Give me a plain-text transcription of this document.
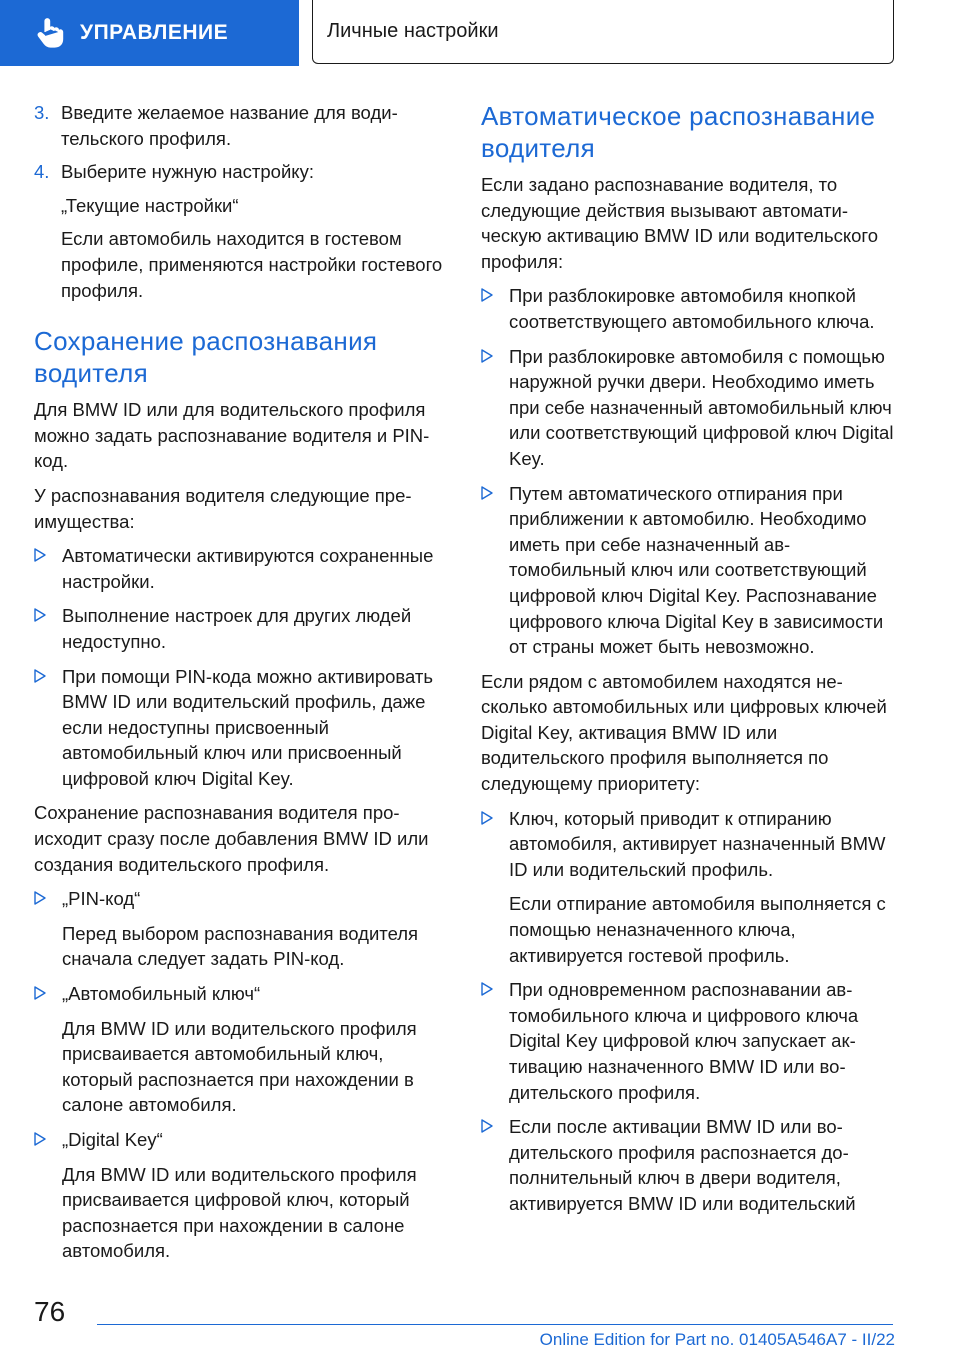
УПРАВЛЕНИЕ	Личные настройки
3. Введите желаемое название для водительского профиля.
4. Выберите нужную настройку:
„Текущие настройки“
Если автомобиль находится в гостевом профиле, применяются настройки гостевого профиля.
Сохранение распознавания водителя

Для BMW ID или для водительского профиля можно задать распознавание водителя и PIN-код.

У распознавания водителя следующие преимущества:

Автоматически активируются сохраненные настройки.
Выполнение настроек для других людей недоступно.
При помощи PIN-кода можно активировать BMW ID или водительский профиль, даже если недоступны присвоенный автомобильный ключ или присвоенный цифровой ключ Digital Key.

Сохранение распознавания водителя происходит сразу после добавления BMW ID или создания водительского профиля.

„PIN-код“
Перед выбором распознавания водителя сначала следует задать PIN-код.
„Автомобильный ключ“
Для BMW ID или водительского профиля присваивается автомобильный ключ, который распознается при нахождении в салоне автомобиля.
„Digital Key“
Для BMW ID или водительского профиля присваивается цифровой ключ, который распознается при нахождении в салоне автомобиля.
Автоматическое распознавание водителя

Если задано распознавание водителя, то следующие действия вызывают автоматическую активацию BMW ID или водительского профиля:

При разблокировке автомобиля кнопкой соответствующего автомобильного ключа.
При разблокировке автомобиля с помощью наружной ручки двери. Необходимо иметь при себе назначенный автомобильный ключ или соответствующий цифровой ключ Digital Key.
Путем автоматического отпирания при приближении к автомобилю. Необходимо иметь при себе назначенный автомобильный ключ или соответствующий цифровой ключ Digital Key. Распознавание цифрового ключа Digital Key в зависимости от страны может быть невозможно.

Если рядом с автомобилем находятся несколько автомобильных или цифровых ключей Digital Key, активация BMW ID или водительского профиля выполняется по следующему приоритету:

Ключ, который приводит к отпиранию автомобиля, активирует назначенный BMW ID или водительский профиль.
Если отпирание автомобиля выполняется с помощью неназначенного ключа, активируется гостевой профиль.
При одновременном распознавании автомобильного ключа и цифрового ключа Digital Key цифровой ключ запускает активацию назначенного BMW ID или водительского профиля.
Если после активации BMW ID или водительского профиля распознается дополнительный ключ в двери водителя, активируется BMW ID или водительский
76
Online Edition for Part no. 01405A546A7 - II/22
